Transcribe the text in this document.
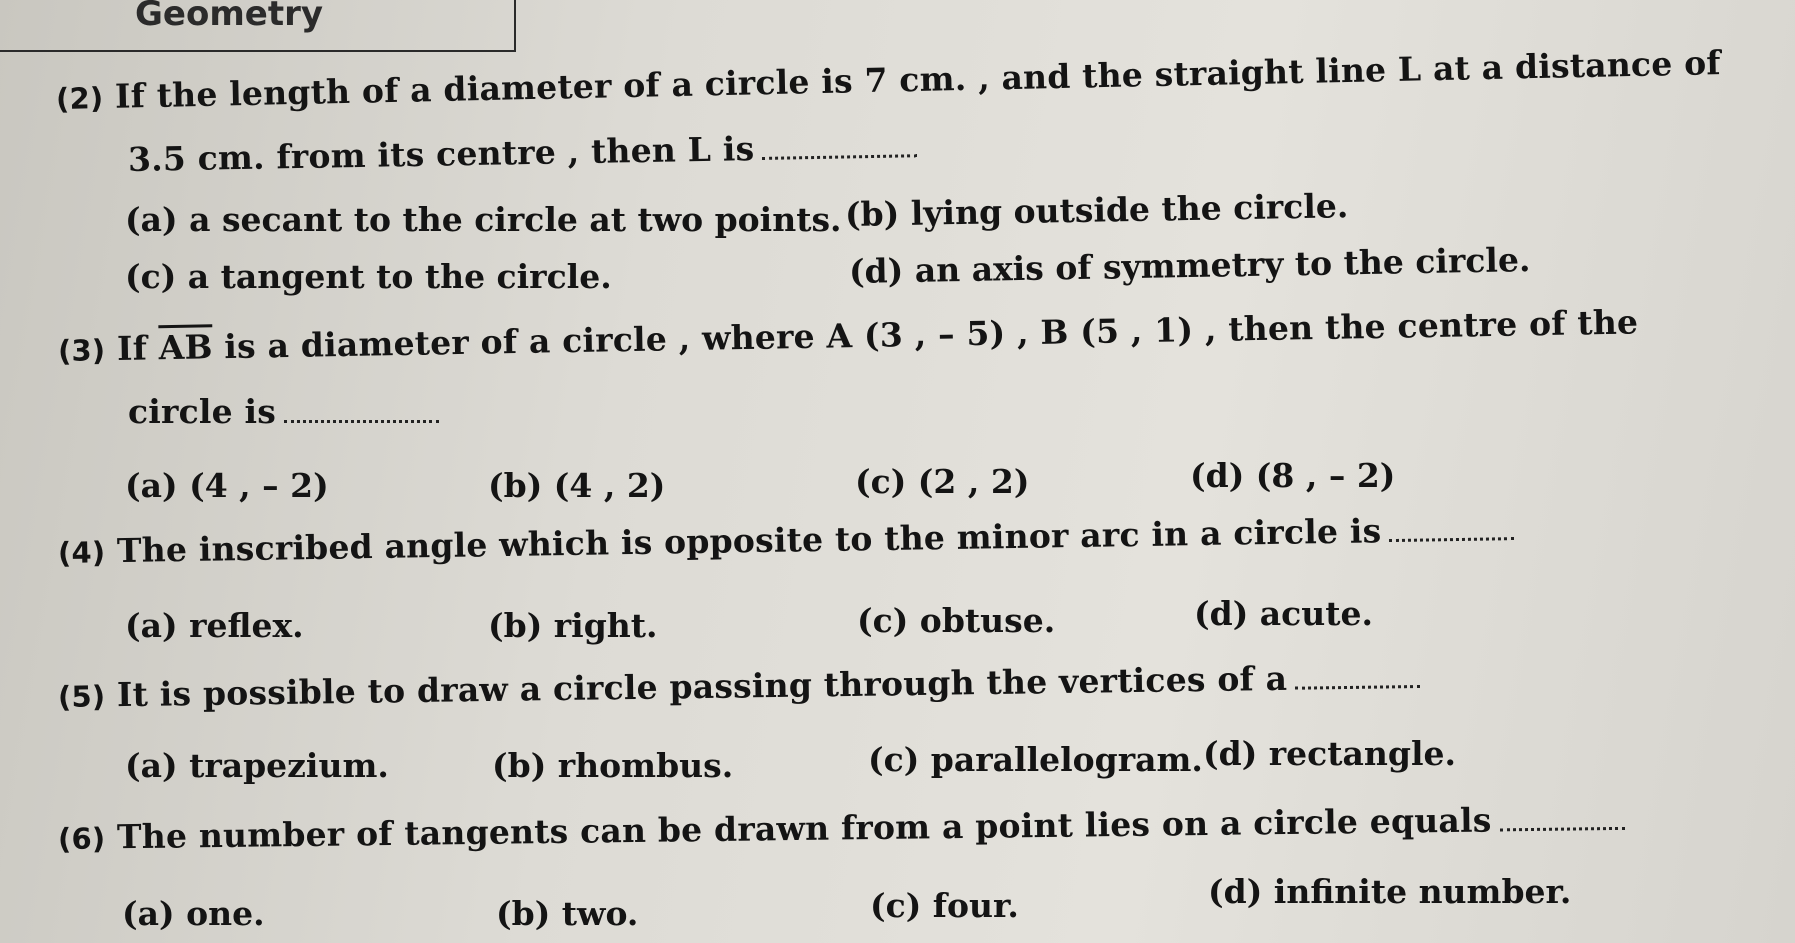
Geometry
(2) If the length of a diameter of a circle is 7 cm. , and the straight line L at a distance of
3.5 cm. from its centre , then L is
(a) a secant to the circle at two points. (b) lying outside the circle.
(c) a tangent to the circle.	(d) an axis of symmetry to the circle.
(3) If $\overline{AB}$ is a diameter of a circle , where A (3 , – 5) , B (5 , 1) , then the centre of the
circle is
(a) (4 , – 2)	(b) (4 , 2)	(c) (2 , 2)	(d) (8 , – 2)
(4) The inscribed angle which is opposite to the minor arc in a circle is
(a) reflex.	(b) right.	(c) obtuse.	(d) acute.
(5) It is possible to draw a circle passing through the vertices of a
(a) trapezium.	(b) rhombus.	(c) parallelogram. (d) rectangle.
(6) The number of tangents can be drawn from a point lies on a circle equals
(a) one.	(b) two.	(c) four.	(d) infinite number.
